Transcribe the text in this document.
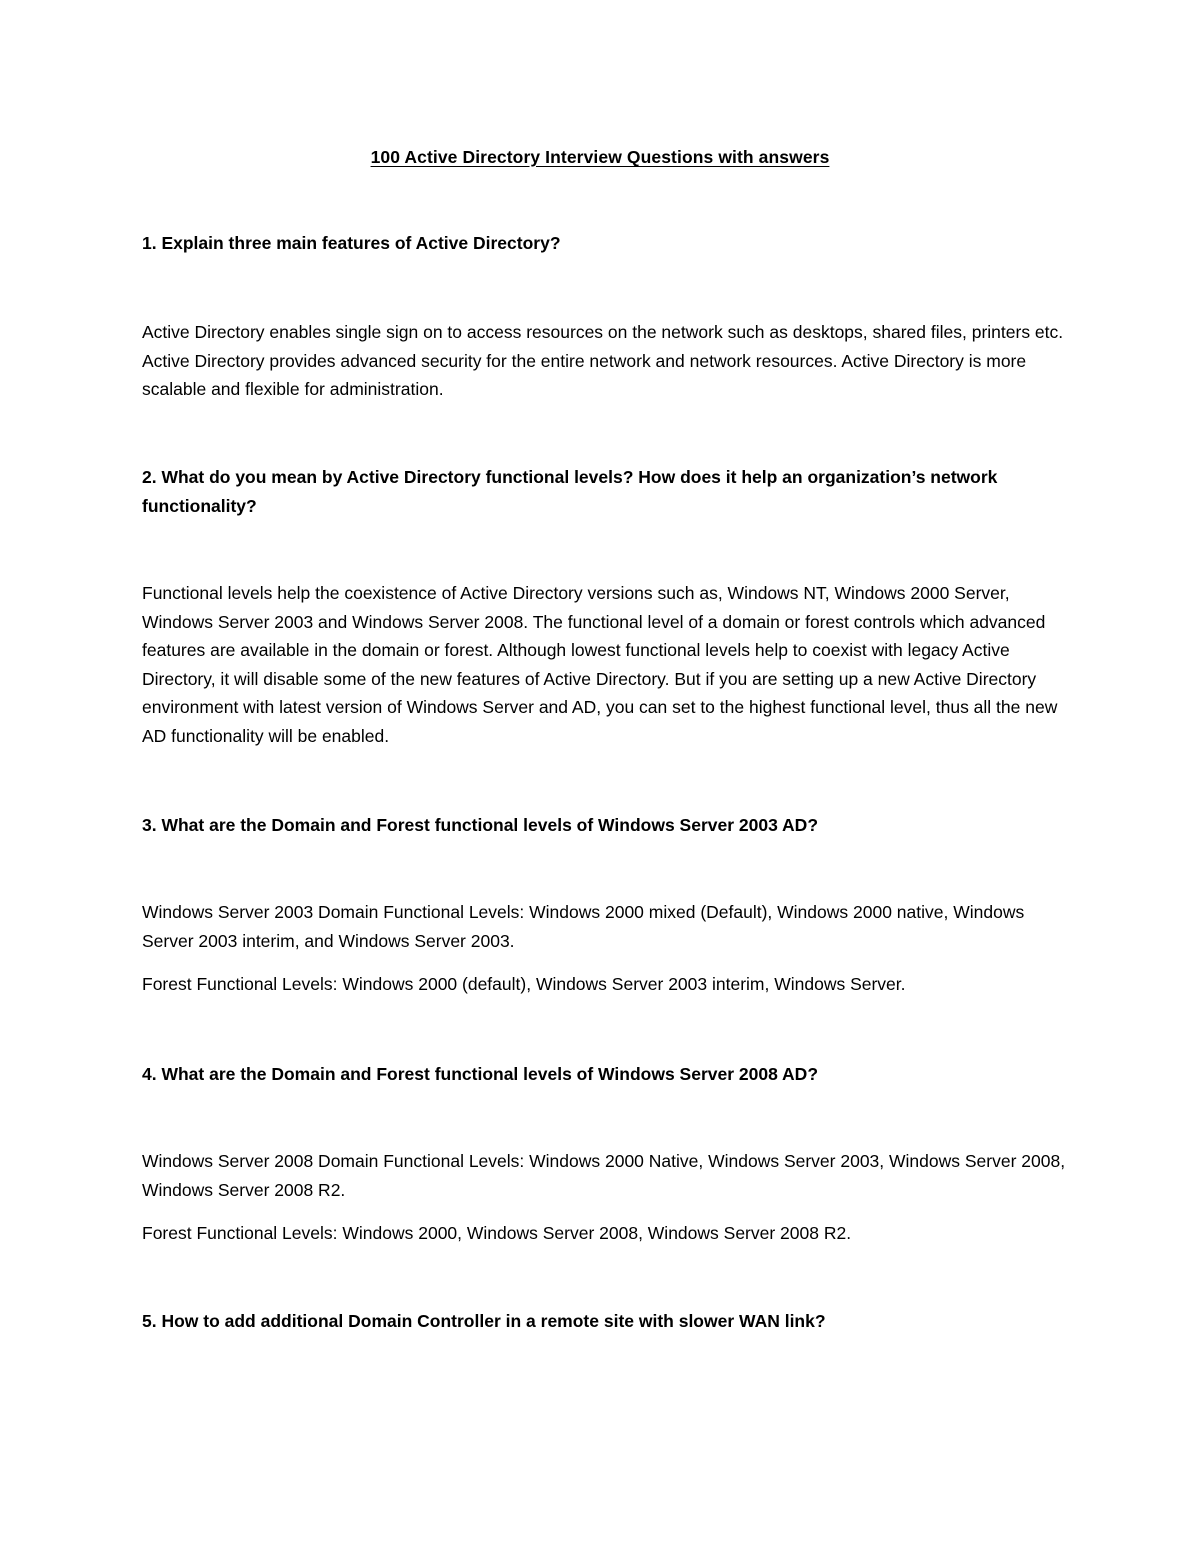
100 Active Directory Interview Questions with answers

1. Explain three main features of Active Directory?

Active Directory enables single sign on to access resources on the network such as desktops, shared files, printers etc. Active Directory provides advanced security for the entire network and network resources. Active Directory is more scalable and flexible for administration.

2. What do you mean by Active Directory functional levels? How does it help an organization’s network functionality?

Functional levels help the coexistence of Active Directory versions such as, Windows NT, Windows 2000 Server, Windows Server 2003 and Windows Server 2008. The functional level of a domain or forest controls which advanced features are available in the domain or forest. Although lowest functional levels help to coexist with legacy Active Directory, it will disable some of the new features of Active Directory. But if you are setting up a new Active Directory environment with latest version of Windows Server and AD, you can set to the highest functional level, thus all the new AD functionality will be enabled.

3. What are the Domain and Forest functional levels of Windows Server 2003 AD?

Windows Server 2003 Domain Functional Levels: Windows 2000 mixed (Default), Windows 2000 native, Windows Server 2003 interim, and Windows Server 2003.

Forest Functional Levels: Windows 2000 (default), Windows Server 2003 interim, Windows Server.

4. What are the Domain and Forest functional levels of Windows Server 2008 AD?

Windows Server 2008 Domain Functional Levels: Windows 2000 Native, Windows Server 2003, Windows Server 2008, Windows Server 2008 R2.

Forest Functional Levels: Windows 2000, Windows Server 2008, Windows Server 2008 R2.

5. How to add additional Domain Controller in a remote site with slower WAN link?
